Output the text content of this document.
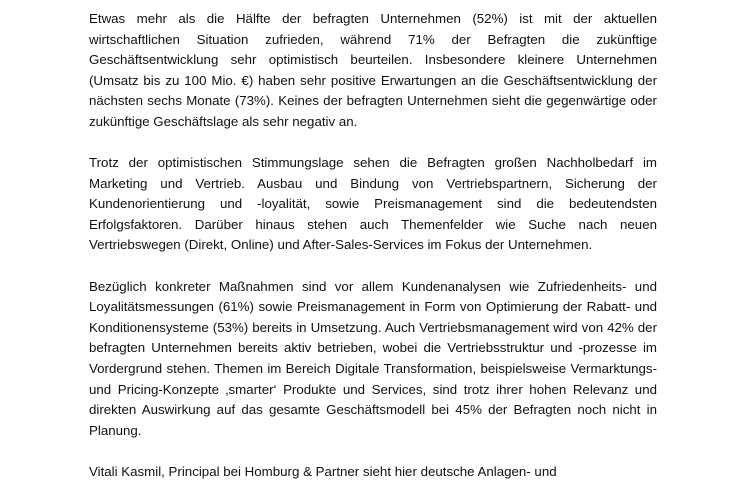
Etwas mehr als die Hälfte der befragten Unternehmen (52%) ist mit der aktuellen wirtschaftlichen Situation zufrieden, während 71% der Befragten die zukünftige Geschäftsentwicklung sehr optimistisch beurteilen. Insbesondere kleinere Unternehmen (Umsatz bis zu 100 Mio. €) haben sehr positive Erwartungen an die Geschäftsentwicklung der nächsten sechs Monate (73%). Keines der befragten Unternehmen sieht die gegenwärtige oder zukünftige Geschäftslage als sehr negativ an.

Trotz der optimistischen Stimmungslage sehen die Befragten großen Nachholbedarf im Marketing und Vertrieb. Ausbau und Bindung von Vertriebspartnern, Sicherung der Kundenorientierung und -loyalität, sowie Preismanagement sind die bedeutendsten Erfolgsfaktoren. Darüber hinaus stehen auch Themenfelder wie Suche nach neuen Vertriebswegen (Direkt, Online) und After-Sales-Services im Fokus der Unternehmen.

Bezüglich konkreter Maßnahmen sind vor allem Kundenanalysen wie Zufriedenheits- und Loyalitätsmessungen (61%) sowie Preismanagement in Form von Optimierung der Rabatt- und Konditionensysteme (53%) bereits in Umsetzung. Auch Vertriebsmanagement wird von 42% der befragten Unternehmen bereits aktiv betrieben, wobei die Vertriebsstruktur und -prozesse im Vordergrund stehen. Themen im Bereich Digitale Transformation, beispielsweise Vermarktungs- und Pricing-Konzepte ‚smarter‘ Produkte und Services, sind trotz ihrer hohen Relevanz und direkten Auswirkung auf das gesamte Geschäftsmodell bei 45% der Befragten noch nicht in Planung.

Vitali Kasmil, Principal bei Homburg & Partner sieht hier deutsche Anlagen- und
